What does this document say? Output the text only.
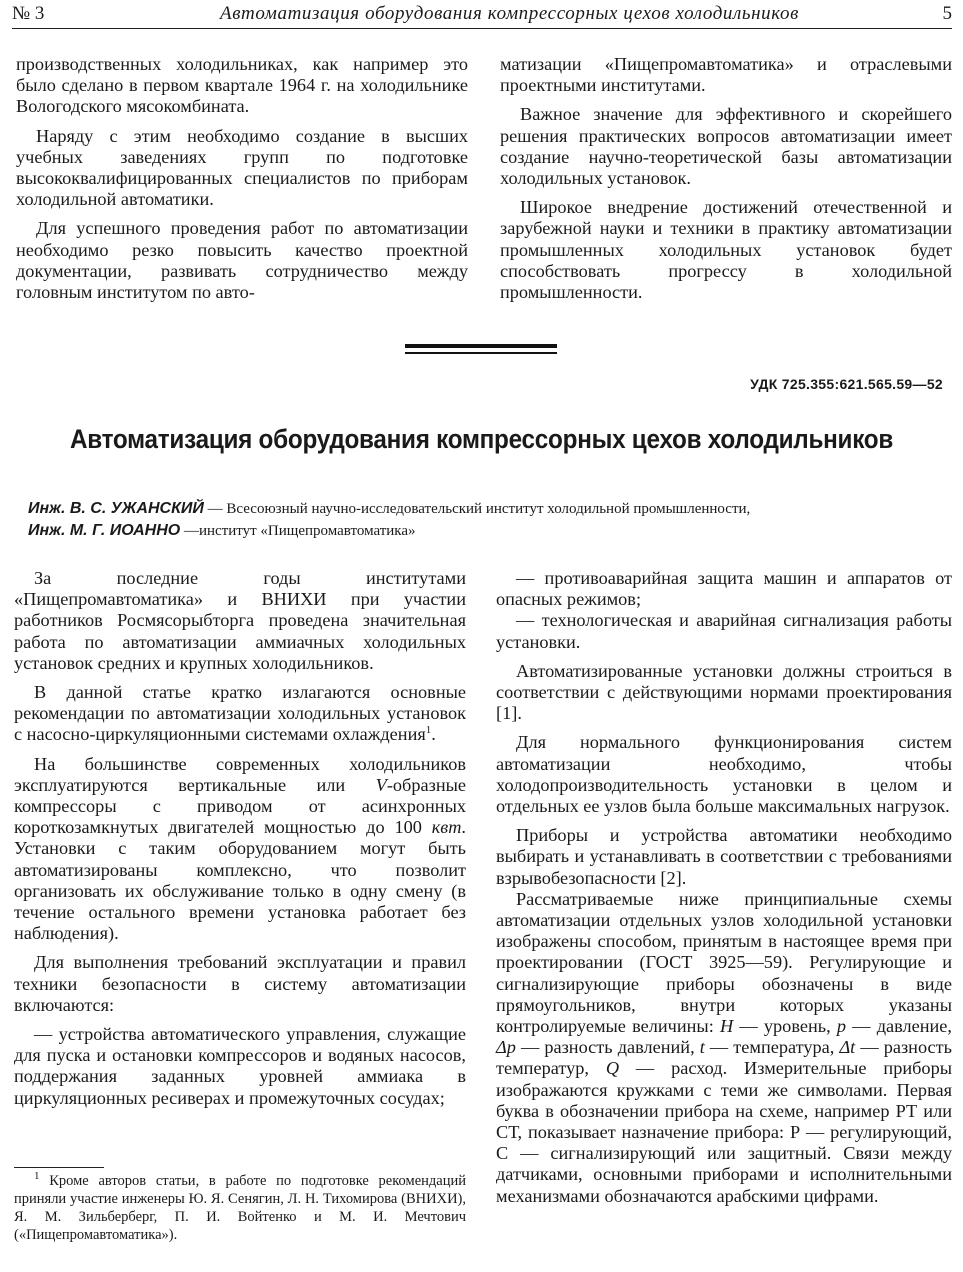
№ 3	Автоматизация оборудования компрессорных цехов холодильников	5

производственных холодильниках, как например это было сделано в первом квартале 1964 г. на холодильнике Вологодского мясокомбината.

Наряду с этим необходимо создание в высших учебных заведениях групп по подготовке высококвалифицированных специалистов по приборам холодильной автоматики.

Для успешного проведения работ по автоматизации необходимо резко повысить качество проектной документации, развивать сотрудничество между головным институтом по авто-

матизации «Пищепромавтоматика» и отраслевыми проектными институтами.

Важное значение для эффективного и скорейшего решения практических вопросов автоматизации имеет создание научно-теоретической базы автоматизации холодильных установок.

Широкое внедрение достижений отечественной и зарубежной науки и техники в практику автоматизации промышленных холодильных установок будет способствовать прогрессу в холодильной промышленности.

УДК 725.355:621.565.59—52
Автоматизация оборудования компрессорных цехов холодильников
Инж. В. С. УЖАНСКИЙ — Всесоюзный научно-исследовательский институт холодильной промышленности,
Инж. М. Г. ИОАННО —институт «Пищепромавтоматика»

За последние годы институтами «Пищепромавтоматика» и ВНИХИ при участии работников Росмясорыбторга проведена значительная работа по автоматизации аммиачных холодильных установок средних и крупных холодильников.

В данной статье кратко излагаются основные рекомендации по автоматизации холодильных установок с насосно-циркуляционными системами охлаждения$^1$.

На большинстве современных холодильников эксплуатируются вертикальные или V-образные компрессоры с приводом от асинхронных короткозамкнутых двигателей мощностью до 100 квт. Установки с таким оборудованием могут быть автоматизированы комплексно, что позволит организовать их обслуживание только в одну смену (в течение остального времени установка работает без наблюдения).

Для выполнения требований эксплуатации и правил техники безопасности в систему автоматизации включаются:

— устройства автоматического управления, служащие для пуска и остановки компрессоров и водяных насосов, поддержания заданных уровней аммиака в циркуляционных ресиверах и промежуточных сосудах;

$^1$ Кроме авторов статьи, в работе по подготовке рекомендаций приняли участие инженеры Ю. Я. Сенягин, Л. Н. Тихомирова (ВНИХИ), Я. М. Зильберберг, П. И. Войтенко и М. И. Мечтович («Пищепромавтоматика»).

— противоаварийная защита машин и аппаратов от опасных режимов;

— технологическая и аварийная сигнализация работы установки.

Автоматизированные установки должны строиться в соответствии с действующими нормами проектирования [1].

Для нормального функционирования систем автоматизации необходимо, чтобы холодопроизводительность установки в целом и отдельных ее узлов была больше максимальных нагрузок.

Приборы и устройства автоматики необходимо выбирать и устанавливать в соответствии с требованиями взрывобезопасности [2].

Рассматриваемые ниже принципиальные схемы автоматизации отдельных узлов холодильной установки изображены способом, принятым в настоящее время при проектировании (ГОСТ 3925—59). Регулирующие и сигнализирующие приборы обозначены в виде прямоугольников, внутри которых указаны контролируемые величины: H — уровень, p — давление, Δp — разность давлений, t — температура, Δt — разность температур, Q — расход. Измерительные приборы изображаются кружками с теми же символами. Первая буква в обозначении прибора на схеме, например РТ или СТ, показывает назначение прибора: Р — регулирующий, С — сигнализирующий или защитный. Связи между датчиками, основными приборами и исполнительными механизмами обозначаются арабскими цифрами.
